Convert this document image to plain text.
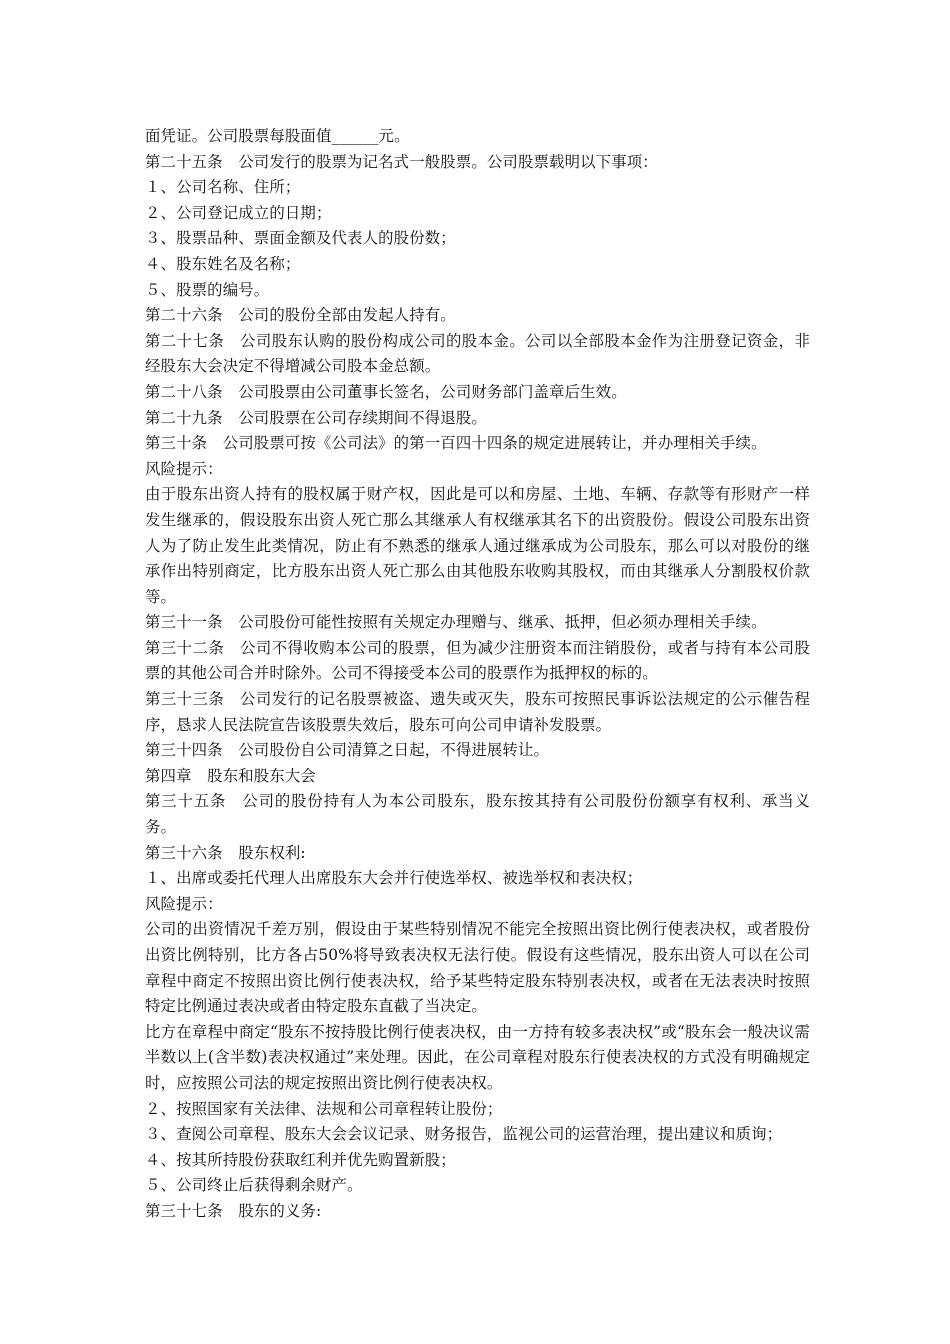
面凭证。公司股票每股面值______元。
第二十五条　公司发行的股票为记名式一般股票。公司股票载明以下事项：
１、公司名称、住所；
２、公司登记成立的日期；
３、股票品种、票面金额及代表人的股份数；
４、股东姓名及名称；
５、股票的编号。
第二十六条　公司的股份全部由发起人持有。
第二十七条　公司股东认购的股份构成公司的股本金。公司以全部股本金作为注册登记资金，非经股东大会决定不得增减公司股本金总额。
第二十八条　公司股票由公司董事长签名，公司财务部门盖章后生效。
第二十九条　公司股票在公司存续期间不得退股。
第三十条　公司股票可按《公司法》的第一百四十四条的规定进展转让，并办理相关手续。
风险提示：
由于股东出资人持有的股权属于财产权，因此是可以和房屋、土地、车辆、存款等有形财产一样发生继承的，假设股东出资人死亡那么其继承人有权继承其名下的出资股份。假设公司股东出资人为了防止发生此类情况，防止有不熟悉的继承人通过继承成为公司股东，那么可以对股份的继承作出特别商定，比方股东出资人死亡那么由其他股东收购其股权，而由其继承人分割股权价款等。
第三十一条　公司股份可能性按照有关规定办理赠与、继承、抵押，但必须办理相关手续。
第三十二条　公司不得收购本公司的股票，但为减少注册资本而注销股份，或者与持有本公司股票的其他公司合并时除外。公司不得接受本公司的股票作为抵押权的标的。
第三十三条　公司发行的记名股票被盗、遗失或灭失，股东可按照民事诉讼法规定的公示催告程序，恳求人民法院宣告该股票失效后，股东可向公司申请补发股票。
第三十四条　公司股份自公司清算之日起，不得进展转让。
第四章　股东和股东大会
第三十五条　公司的股份持有人为本公司股东，股东按其持有公司股份份额享有权利、承当义务。
第三十六条　股东权利:
１、出席或委托代理人出席股东大会并行使选举权、被选举权和表决权；
风险提示：
公司的出资情况千差万别，假设由于某些特别情况不能完全按照出资比例行使表决权，或者股份出资比例特别，比方各占50%将导致表决权无法行使。假设有这些情况，股东出资人可以在公司章程中商定不按照出资比例行使表决权，给予某些特定股东特别表决权，或者在无法表决时按照特定比例通过表决或者由特定股东直截了当决定。
比方在章程中商定“股东不按持股比例行使表决权，由一方持有较多表决权”或“股东会一般决议需半数以上(含半数)表决权通过”来处理。因此，在公司章程对股东行使表决权的方式没有明确规定时，应按照公司法的规定按照出资比例行使表决权。
２、按照国家有关法律、法规和公司章程转让股份；
３、查阅公司章程、股东大会会议记录、财务报告，监视公司的运营治理，提出建议和质询；
４、按其所持股份获取红利并优先购置新股；
５、公司终止后获得剩余财产。
第三十七条　股东的义务:
